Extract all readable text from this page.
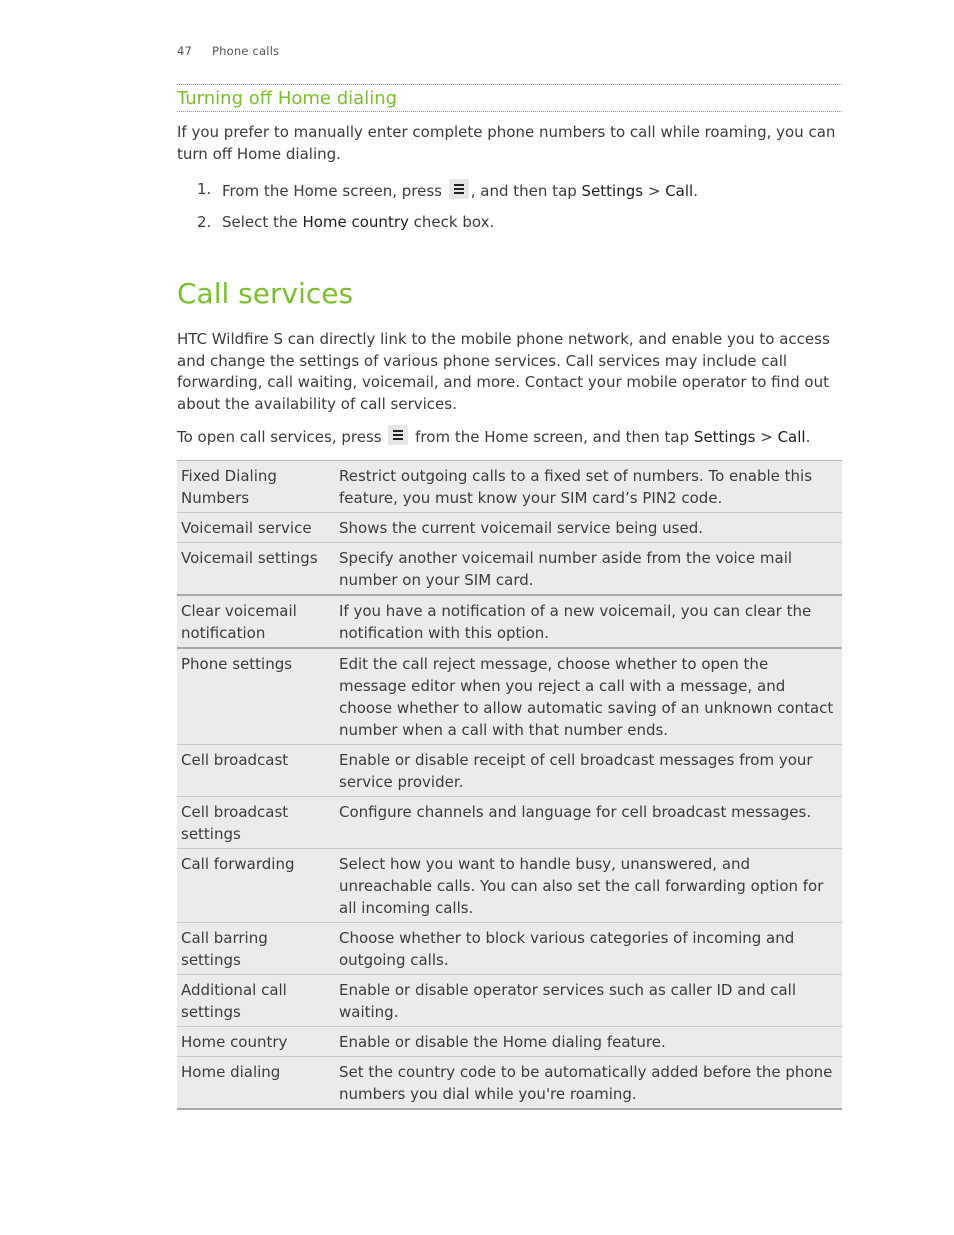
47 Phone calls
Turning off Home dialing

If you prefer to manually enter complete phone numbers to call while roaming, you can turn off Home dialing.

1. From the Home screen, press , and then tap Settings > Call.
2. Select the Home country check box.
Call services

HTC Wildfire S can directly link to the mobile phone network, and enable you to access and change the settings of various phone services. Call services may include call forwarding, call waiting, voicemail, and more. Contact your mobile operator to find out about the availability of call services.

To open call services, press  from the Home screen, and then tap Settings > Call.

Fixed Dialing Numbers	Restrict outgoing calls to a fixed set of numbers. To enable this feature, you must know your SIM card’s PIN2 code.
Voicemail service	Shows the current voicemail service being used.
Voicemail settings	Specify another voicemail number aside from the voice mail number on your SIM card.
Clear voicemail notification	If you have a notification of a new voicemail, you can clear the notification with this option.
Phone settings	Edit the call reject message, choose whether to open the message editor when you reject a call with a message, and choose whether to allow automatic saving of an unknown contact number when a call with that number ends.
Cell broadcast	Enable or disable receipt of cell broadcast messages from your service provider.
Cell broadcast settings	Configure channels and language for cell broadcast messages.
Call forwarding	Select how you want to handle busy, unanswered, and unreachable calls. You can also set the call forwarding option for all incoming calls.
Call barring settings	Choose whether to block various categories of incoming and outgoing calls.
Additional call settings	Enable or disable operator services such as caller ID and call waiting.
Home country	Enable or disable the Home dialing feature.
Home dialing	Set the country code to be automatically added before the phone numbers you dial while you're roaming.
